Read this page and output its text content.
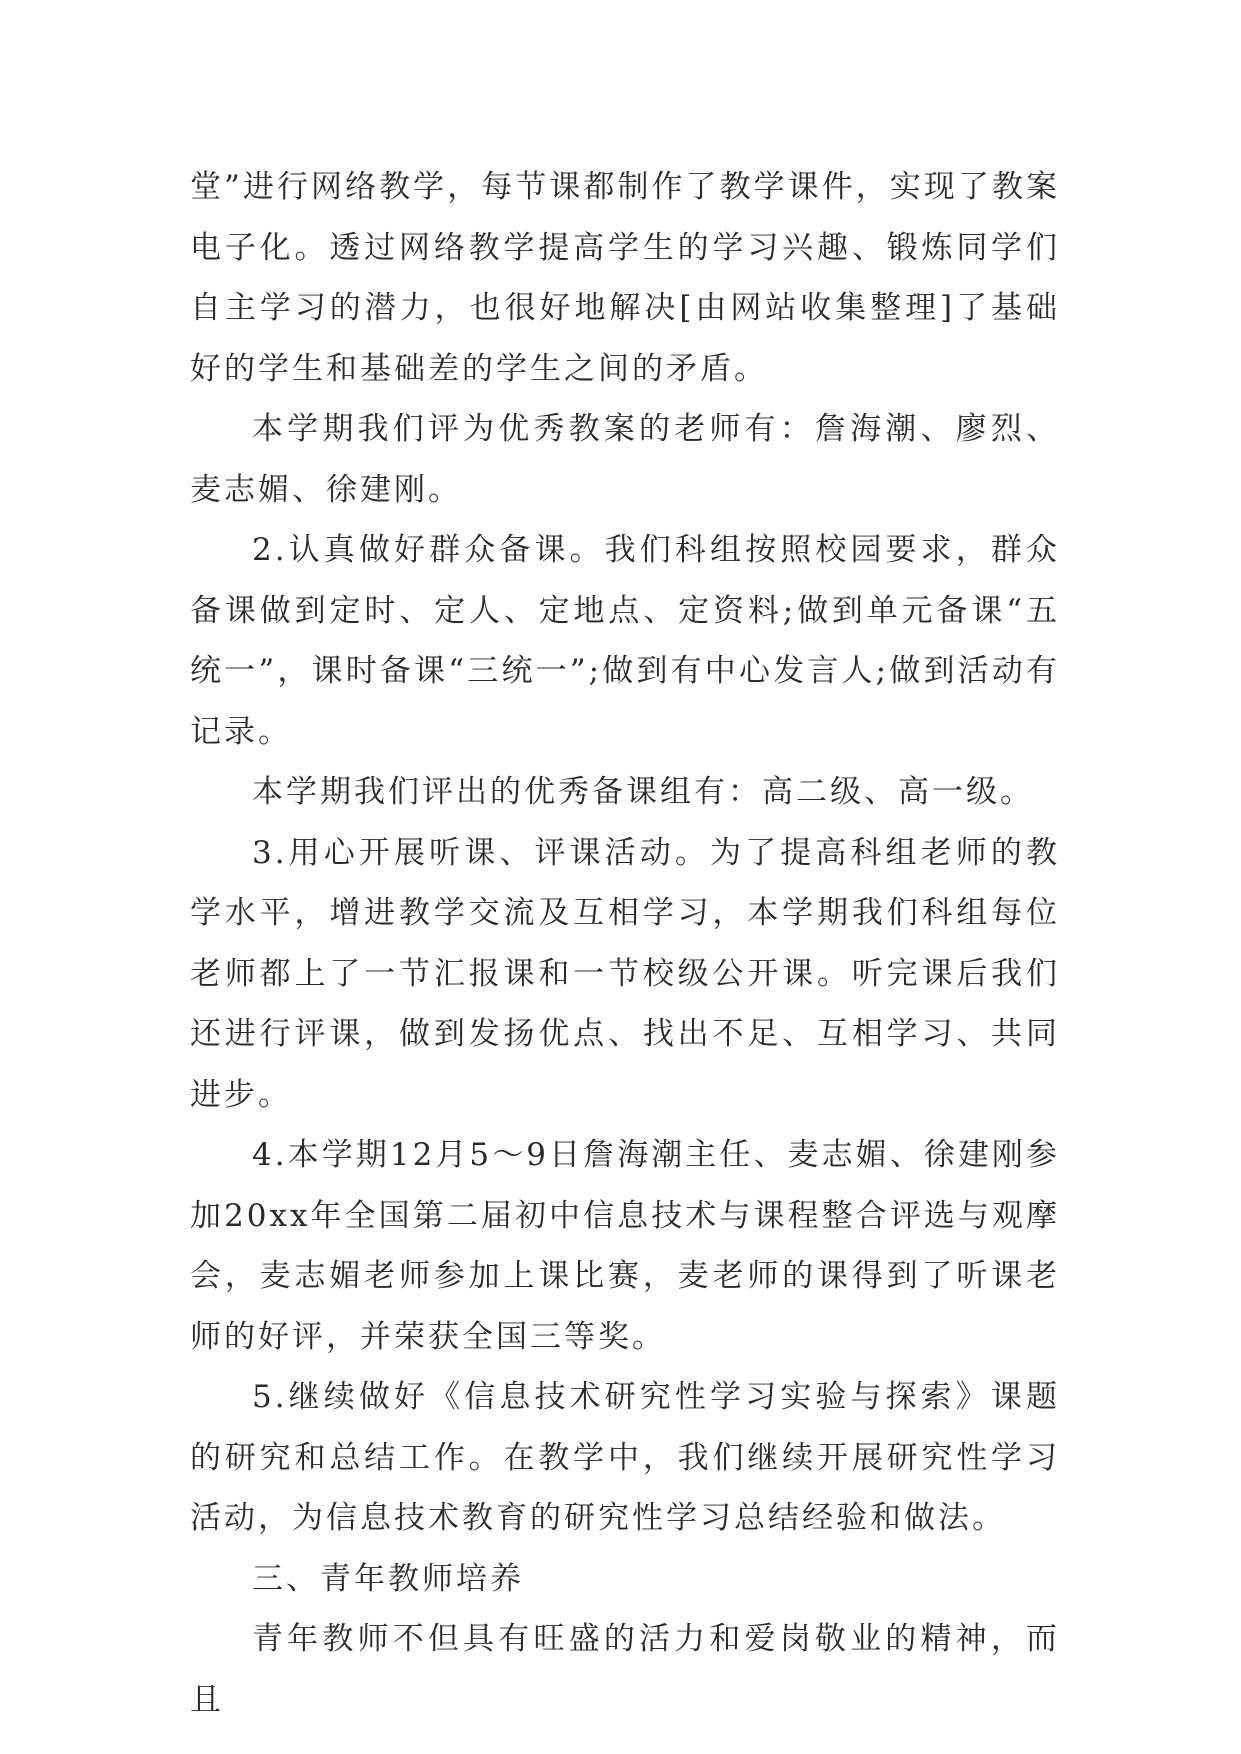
堂”进行网络教学，每节课都制作了教学课件，实现了教案电子化。透过网络教学提高学生的学习兴趣、锻炼同学们自主学习的潜力，也很好地解决[由网站收集整理]了基础好的学生和基础差的学生之间的矛盾。

本学期我们评为优秀教案的老师有：詹海潮、廖烈、麦志媚、徐建刚。

2.认真做好群众备课。我们科组按照校园要求，群众备课做到定时、定人、定地点、定资料;做到单元备课“五统一”，课时备课“三统一”;做到有中心发言人;做到活动有记录。

本学期我们评出的优秀备课组有：高二级、高一级。

3.用心开展听课、评课活动。为了提高科组老师的教学水平，增进教学交流及互相学习，本学期我们科组每位老师都上了一节汇报课和一节校级公开课。听完课后我们还进行评课，做到发扬优点、找出不足、互相学习、共同进步。

4.本学期12月5～9日詹海潮主任、麦志媚、徐建刚参加20xx年全国第二届初中信息技术与课程整合评选与观摩会，麦志媚老师参加上课比赛，麦老师的课得到了听课老师的好评，并荣获全国三等奖。

5.继续做好《信息技术研究性学习实验与探索》课题的研究和总结工作。在教学中，我们继续开展研究性学习活动，为信息技术教育的研究性学习总结经验和做法。

三、青年教师培养

青年教师不但具有旺盛的活力和爱岗敬业的精神，而且
